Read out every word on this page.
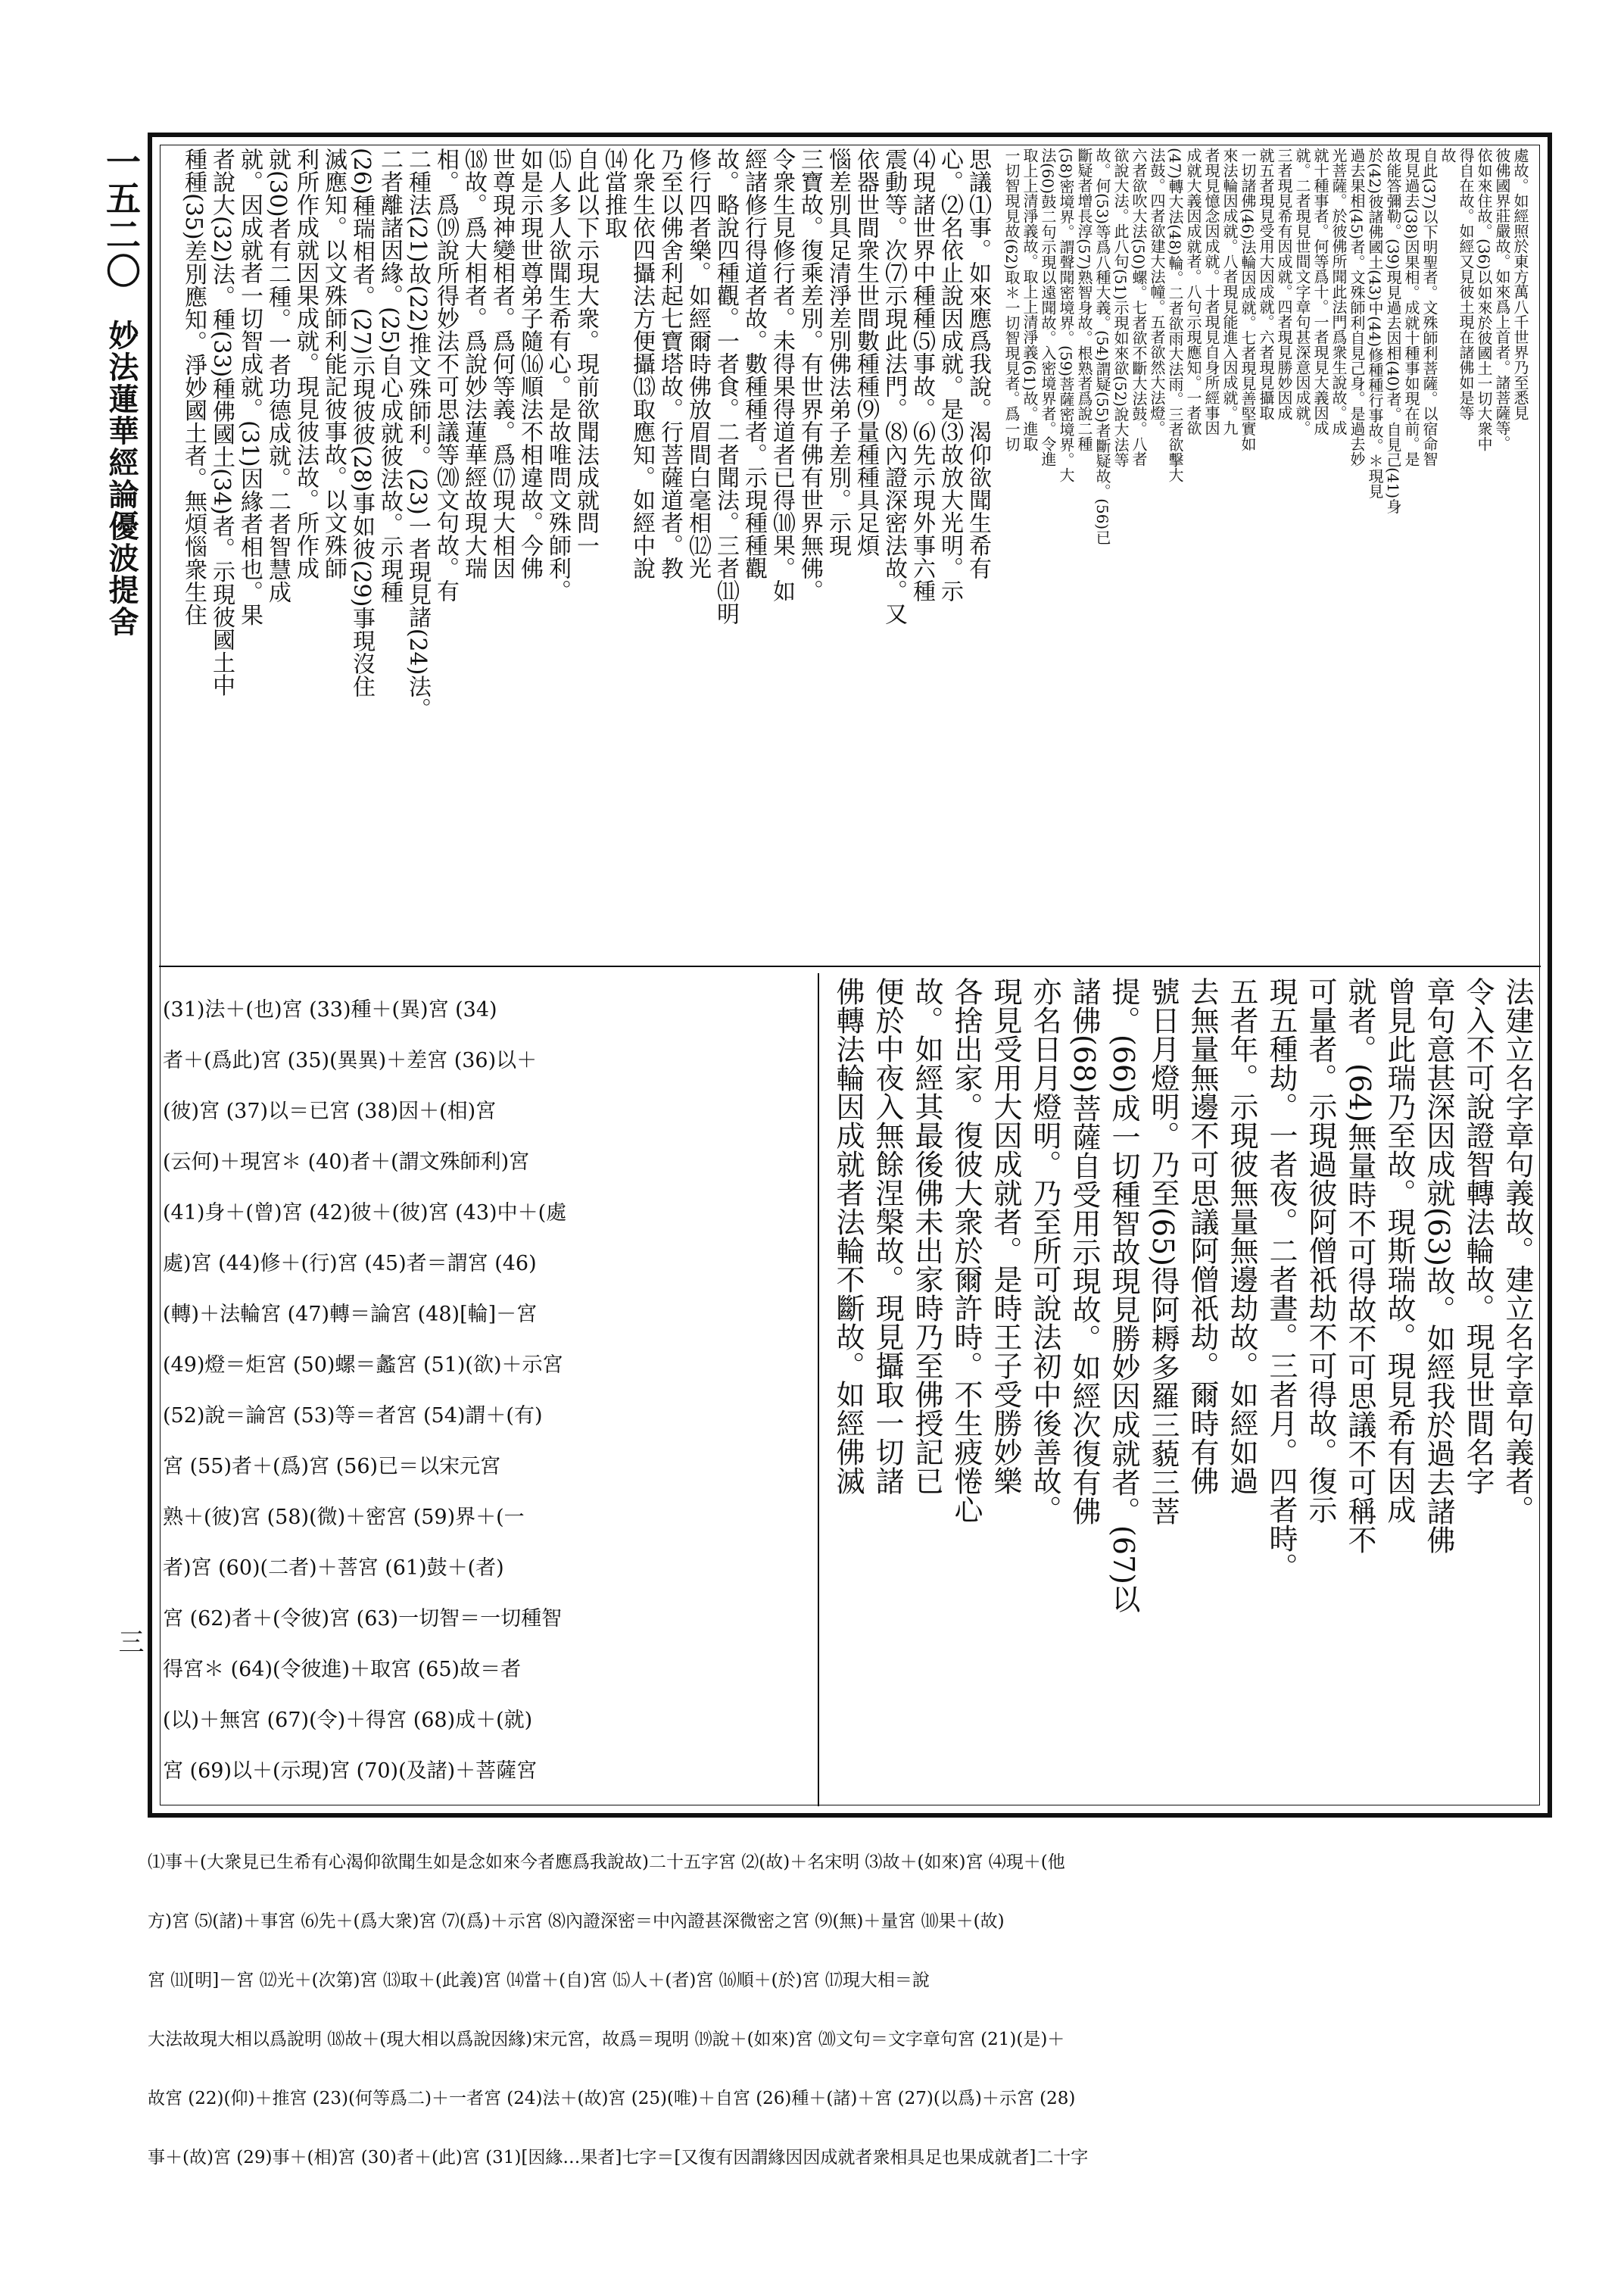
一五二〇妙法蓮華經論優波提舍
三
思議⑴事。如來應爲我說。渴仰欲聞生希有
心。⑵名依止說因成就。是⑶故放大光明。示
⑷現諸世界中種種⑸事故。⑹先示現外事六種
震動等。次⑺示現此法門。⑻內證深密法故。又
依器世間衆生世間數種種⑼量種種具足煩
惱差別具足清淨差別佛法弟子差別。示現
三寶故。復乘差別。有世界有佛有世界無佛。
令衆生見修行者。未得果得道者已得⑽果。如
經諸修行得道者故。數種種者。示現種種觀
故。略說四種觀。一者食。二者聞法。三者⑾明
修行四者樂。如經爾時佛放眉間白毫相⑿光
乃至以佛舍利起七寶塔故。行菩薩道者。教
化衆生依四攝法方便攝⒀取應知。如經中說
⒁當推取
自此以下示現大衆。現前欲聞法成就問一
⒂人多人欲聞生希有心。是故唯問文殊師利。
如是示現世尊弟子隨⒃順法不相違故。今佛
世尊現神變相者。爲何等義。爲⒄現大相因
⒅故。爲大相者。爲說妙法蓮華經故現大瑞
相。爲⒆說所得妙法不可思議等⒇文句故。有
二種法(21)故(22)推文殊師利。(23)一者現見諸(24)法。
二者離諸因緣。(25)自心成就彼法故。示現種
(26)種瑞相者。(27)示現彼彼(28)事如彼(29)事現沒住
滅應知。以文殊師利能記彼事故。以文殊師
利所作成就因果成就。現見彼法故。所作成
就(30)者有二種。一者功德成就。二者智慧成
就。因成就者一切智成就。(31)因緣者相也。果
者說大(32)法。種(33)種佛國土(34)者。示現彼國土中
種種(35)差別應知。淨妙國土者。無煩惱衆生住	處故。如經照於東方萬八千世界乃至悉見
彼佛國界莊嚴故。如來爲上首者。諸菩薩等。
依如來住故。(36)以如來於彼國土一切大衆中
得自在故。如經又見彼土現在諸佛如是等
故
自此(37)以下明聖者。文殊師利菩薩。以宿命智
現見過去(38)因果相。成就十種事如現在前。是
故能答彌勒。(39)現見過去因相(40)者。自見己(41)身
於(42)彼諸佛國土(43)中(44)修種種行事故。＊現見
過去果相(45)者。文殊師利自見己身。是過去妙
光菩薩。於彼佛所聞此法門爲衆生說故。成
就十種事者。何等爲十。一者現見大義因成
就。二者現見世間文字章句甚深意因成就。
三者現見希有因成就。四者現見勝妙因成
就五者現見受用大因成就。六者現見攝取
一切諸佛(46)法輪因成就。七者現見善堅實如
來法輪因成就。八者現見能進入因成就。九
者現見憶念因成就。十者現見自身所經事因
成就大義因成就者。八句示現應知。一者欲
(47)轉大法(48)輪。二者欲雨大法雨。三者欲擊大
法鼓。四者欲建大法幢。五者欲然大法燈。
六者欲吹大法(50)螺。七者欲不斷大法鼓。八者
欲說大法。此八句(51)示現如來欲(52)說大法等
故。何(53)等爲八種大義。(54)謂疑(55)者斷疑故。(56)已
斷疑者增長淳(57)熟智身故。根熟者爲說二種
(58)密境界。謂聲聞密境界。(59)菩薩密境界。大
法(60)鼓二句示現以遠聞故。入密境界者。令進
取上上清淨義故。取上上清淨義(61)故。進取
一切智現見故(62)取＊一切智現見者。爲一切
法建立名字章句義故。建立名字章句義者。
令入不可說證智轉法輪故。現見世間名字
章句意甚深因成就(63)故。如經我於過去諸佛
曾見此瑞乃至故。現斯瑞故。現見希有因成
就者。(64)無量時不可得故不可思議不可稱不
可量者。示現過彼阿僧祇劫不可得故。復示
現五種劫。一者夜。二者晝。三者月。四者時。
五者年。示現彼無量無邊劫故。如經如過
去無量無邊不可思議阿僧祇劫。爾時有佛
號日月燈明。乃至(65)得阿耨多羅三藐三菩
提。(66)成一切種智故現見勝妙因成就者。(67)以
諸佛(68)菩薩自受用示現故。如經次復有佛
亦名日月燈明。乃至所可說法初中後善故。
現見受用大因成就者。是時王子受勝妙樂
各捨出家。復彼大衆於爾許時。不生疲惓心
故。如經其最後佛未出家時乃至佛授記已
便於中夜入無餘涅槃故。現見攝取一切諸
佛轉法輪因成就者法輪不斷故。如經佛滅
(31)法＋(也)宮 (33)種＋(異)宮 (34)
者＋(爲此)宮 (35)(異異)＋差宮 (36)以＋
(彼)宮 (37)以＝已宮 (38)因＋(相)宮
(云何)＋現宮＊ (40)者＋(謂文殊師利)宮
(41)身＋(曾)宮 (42)彼＋(彼)宮 (43)中＋(處
處)宮 (44)修＋(行)宮 (45)者＝謂宮 (46)
(轉)＋法輪宮 (47)轉＝論宮 (48)[輪]－宮
(49)燈＝炬宮 (50)螺＝蠡宮 (51)(欲)＋示宮
(52)說＝論宮 (53)等＝者宮 (54)謂＋(有)
宮 (55)者＋(爲)宮 (56)已＝以宋元宮
熟＋(彼)宮 (58)(微)＋密宮 (59)界＋(一
者)宮 (60)(二者)＋菩宮 (61)鼓＋(者)
宮 (62)者＋(令彼)宮 (63)一切智＝一切種智
得宮＊ (64)(令彼進)＋取宮 (65)故＝者
(以)＋無宮 (67)(令)＋得宮 (68)成＋(就)
宮 (69)以＋(示現)宮 (70)(及諸)＋菩薩宮
⑴事＋(大衆見已生希有心渴仰欲聞生如是念如來今者應爲我說故)二十五字宮 ⑵(故)＋名宋明 ⑶故＋(如來)宮 ⑷現＋(他
方)宮 ⑸(諸)＋事宮 ⑹先＋(爲大衆)宮 ⑺(爲)＋示宮 ⑻內證深密＝中內證甚深微密之宮 ⑼(無)＋量宮 ⑽果＋(故)
宮 ⑾[明]－宮 ⑿光＋(次第)宮 ⒀取＋(此義)宮 ⒁當＋(自)宮 ⒂人＋(者)宮 ⒃順＋(於)宮 ⒄現大相＝說
大法故現大相以爲說明 ⒅故＋(現大相以爲說因緣)宋元宮，故爲＝現明 ⒆說＋(如來)宮 ⒇文句＝文字章句宮 (21)(是)＋
故宮 (22)(仰)＋推宮 (23)(何等爲二)＋一者宮 (24)法＋(故)宮 (25)(唯)＋自宮 (26)種＋(諸)＋宮 (27)(以爲)＋示宮 (28)
事＋(故)宮 (29)事＋(相)宮 (30)者＋(此)宮 (31)[因緣…果者]七字＝[又復有因謂緣因因成就者衆相具足也果成就者]二十字
